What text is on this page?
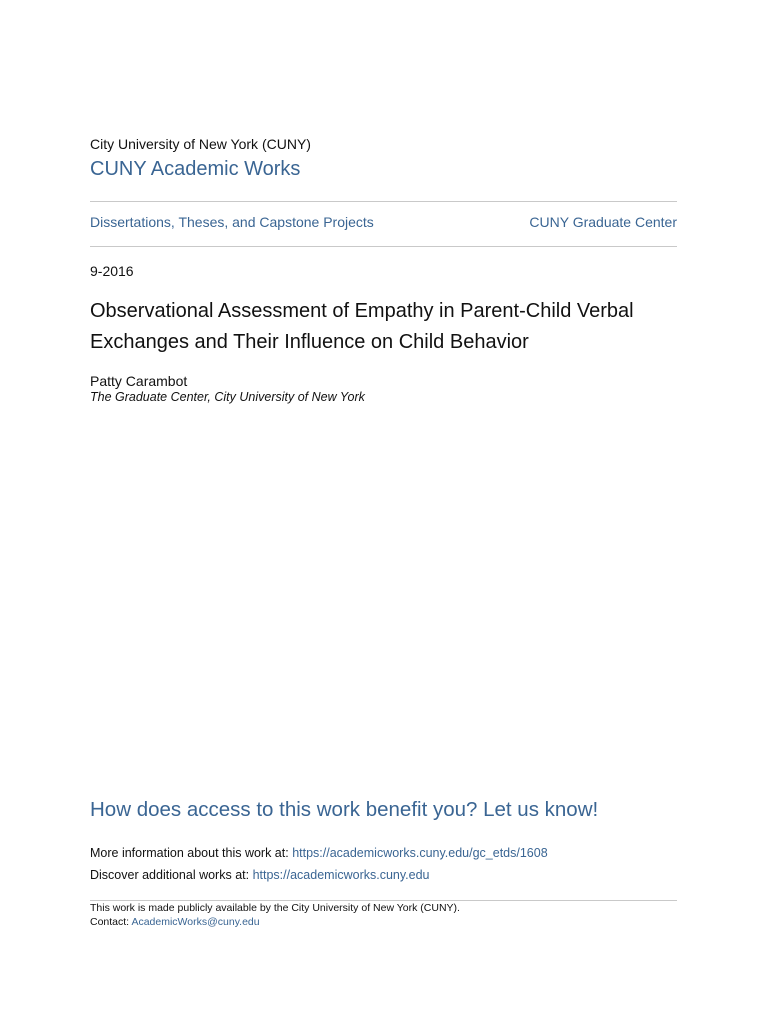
City University of New York (CUNY)
CUNY Academic Works
Dissertations, Theses, and Capstone Projects	CUNY Graduate Center
9-2016
Observational Assessment of Empathy in Parent-Child Verbal Exchanges and Their Influence on Child Behavior
Patty Carambot
The Graduate Center, City University of New York
How does access to this work benefit you? Let us know!
More information about this work at: https://academicworks.cuny.edu/gc_etds/1608
Discover additional works at: https://academicworks.cuny.edu
This work is made publicly available by the City University of New York (CUNY).
Contact: AcademicWorks@cuny.edu
